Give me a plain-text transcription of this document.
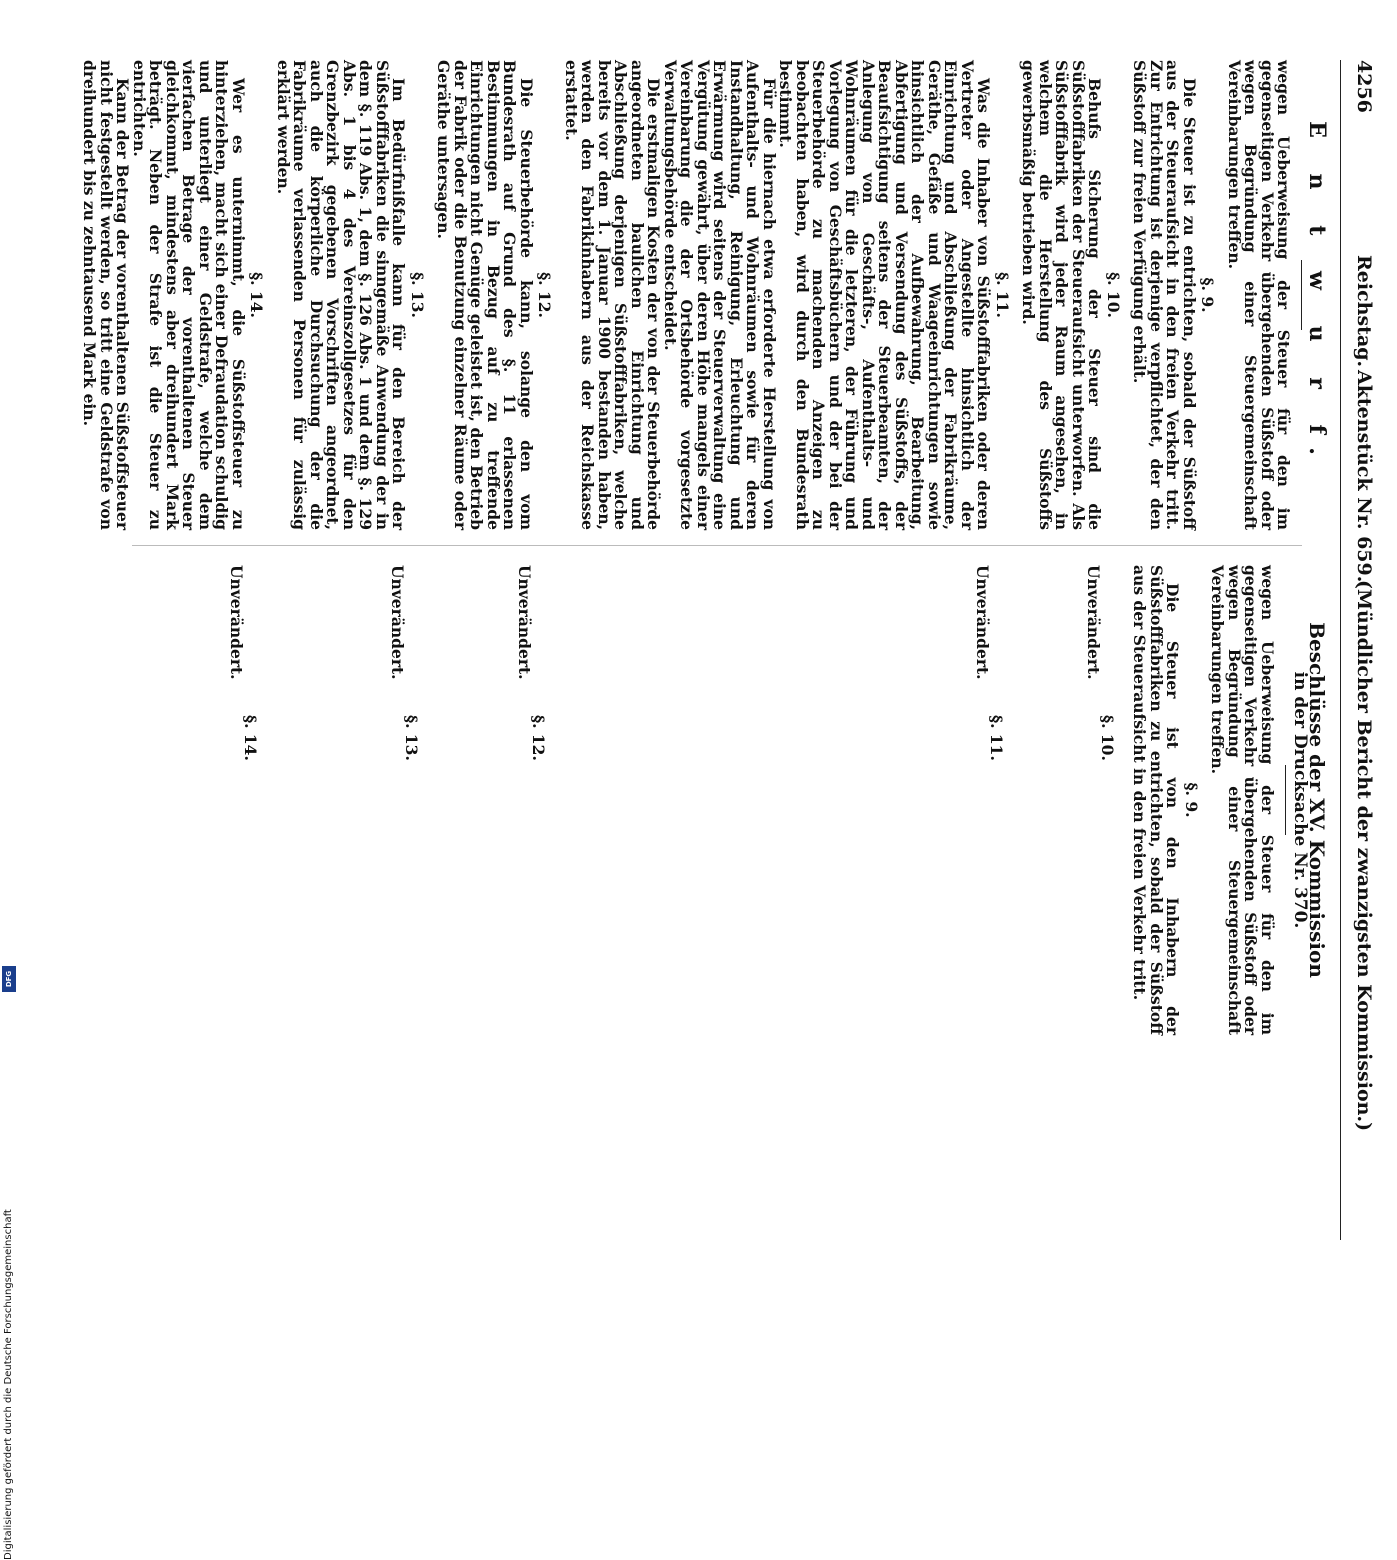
4256
Reichstag.
Aktenstück Nr. 659.
(Mündlicher Bericht der zwanzigsten Kommission.)
E n t w u r f.

wegen Ueberweisung der Steuer für den im gegenseitigen Verkehr übergehenden Süßstoff oder wegen Begründung einer Steuergemeinschaft Vereinbarungen treffen.

§. 9.

Die Steuer ist zu entrichten, sobald der Süßstoff aus der Steueraufsicht in den freien Verkehr tritt. Zur Entrichtung ist derjenige verpflichtet, der den Süßstoff zur freien Verfügung erhält.

§. 10.

Behufs Sicherung der Steuer sind die Süßstofffabriken der Steueraufsicht unterworfen. Als Süßstofffabrik wird jeder Raum angesehen, in welchem die Herstellung des Süßstoffs gewerbsmäßig betrieben wird.

§. 11.

Was die Inhaber von Süßstofffabriken oder deren Vertreter oder Angestellte hinsichtlich der Einrichtung und Abschließung der Fabrikräume, Geräthe, Gefäße und Waageeinrichtungen sowie hinsichtlich der Aufbewahrung, Bearbeitung, Abfertigung und Versendung des Süßstoffs, der Beaufsichtigung seitens der Steuerbeamten, der Anlegung von Geschäfts-, Aufenthalts- und Wohnräumen für die letzteren, der Führung und Vorlegung von Geschäftsbüchern und der bei der Steuerbehörde zu machenden Anzeigen zu beobachten haben, wird durch den Bundesrath bestimmt.

Für die hiernach etwa erforderte Herstellung von Aufenthalts- und Wohnräumen sowie für deren Instandhaltung, Reinigung, Erleuchtung und Erwärmung wird seitens der Steuerverwaltung eine Vergütung gewährt, über deren Höhe mangels einer Vereinbarung die der Ortsbehörde vorgesetzte Verwaltungsbehörde entscheidet.

Die erstmaligen Kosten der von der Steuerbehörde angeordneten baulichen Einrichtung und Abschließung derjenigen Süßstofffabriken, welche bereits vor dem 1. Januar 1900 bestanden haben, werden den Fabrikinhabern aus der Reichskasse erstattet.

§. 12.

Die Steuerbehörde kann, solange den vom Bundesrath auf Grund des §. 11 erlassenen Bestimmungen in Bezug auf zu treffende Einrichtungen nicht Genüge geleistet ist, den Betrieb der Fabrik oder die Benutzung einzelner Räume oder Geräthe untersagen.

§. 13.

Im Bedürfnißfalle kann für den Bereich der Süßstofffabriken die sinngemäße Anwendung der in dem §. 119 Abs. 1, dem §. 126 Abs. 1 und dem §. 129 Abs. 1 bis 4 des Vereinszollgesetzes für den Grenzbezirk gegebenen Vorschriften angeordnet, auch die körperliche Durchsuchung der die Fabrikräume verlassenden Personen für zulässig erklärt werden.

§. 14.

Wer es unternimmt, die Süßstoffsteuer zu hinterziehen, macht sich einer Defraudation schuldig und unterliegt einer Geldstrafe, welche dem vierfachen Betrage der vorenthaltenen Steuer gleichkommt, mindestens aber dreihundert Mark beträgt. Neben der Strafe ist die Steuer zu entrichten.

Kann der Betrag der vorenthaltenen Süßstoffsteuer nicht festgestellt werden, so tritt eine Geldstrafe von dreihundert bis zu zehntausend Mark ein.

Beschlüsse der XV. Kommission
in der Drucksache Nr. 370.

wegen Ueberweisung der Steuer für den im gegenseitigen Verkehr übergehenden Süßstoff oder wegen Begründung einer Steuergemeinschaft Vereinbarungen treffen.

§. 9.

Die Steuer ist von den Inhabern der Süßstofffabriken zu entrichten, sobald der Süßstoff aus der Steueraufsicht in den freien Verkehr tritt.

Unverändert.
§. 10.
Unverändert.
§. 11.
Unverändert.
§. 12.
Unverändert.
§. 13.
Unverändert.
§. 14.
Digitalisierung gefördert durch die Deutsche Forschungsgemeinschaft
DFG
